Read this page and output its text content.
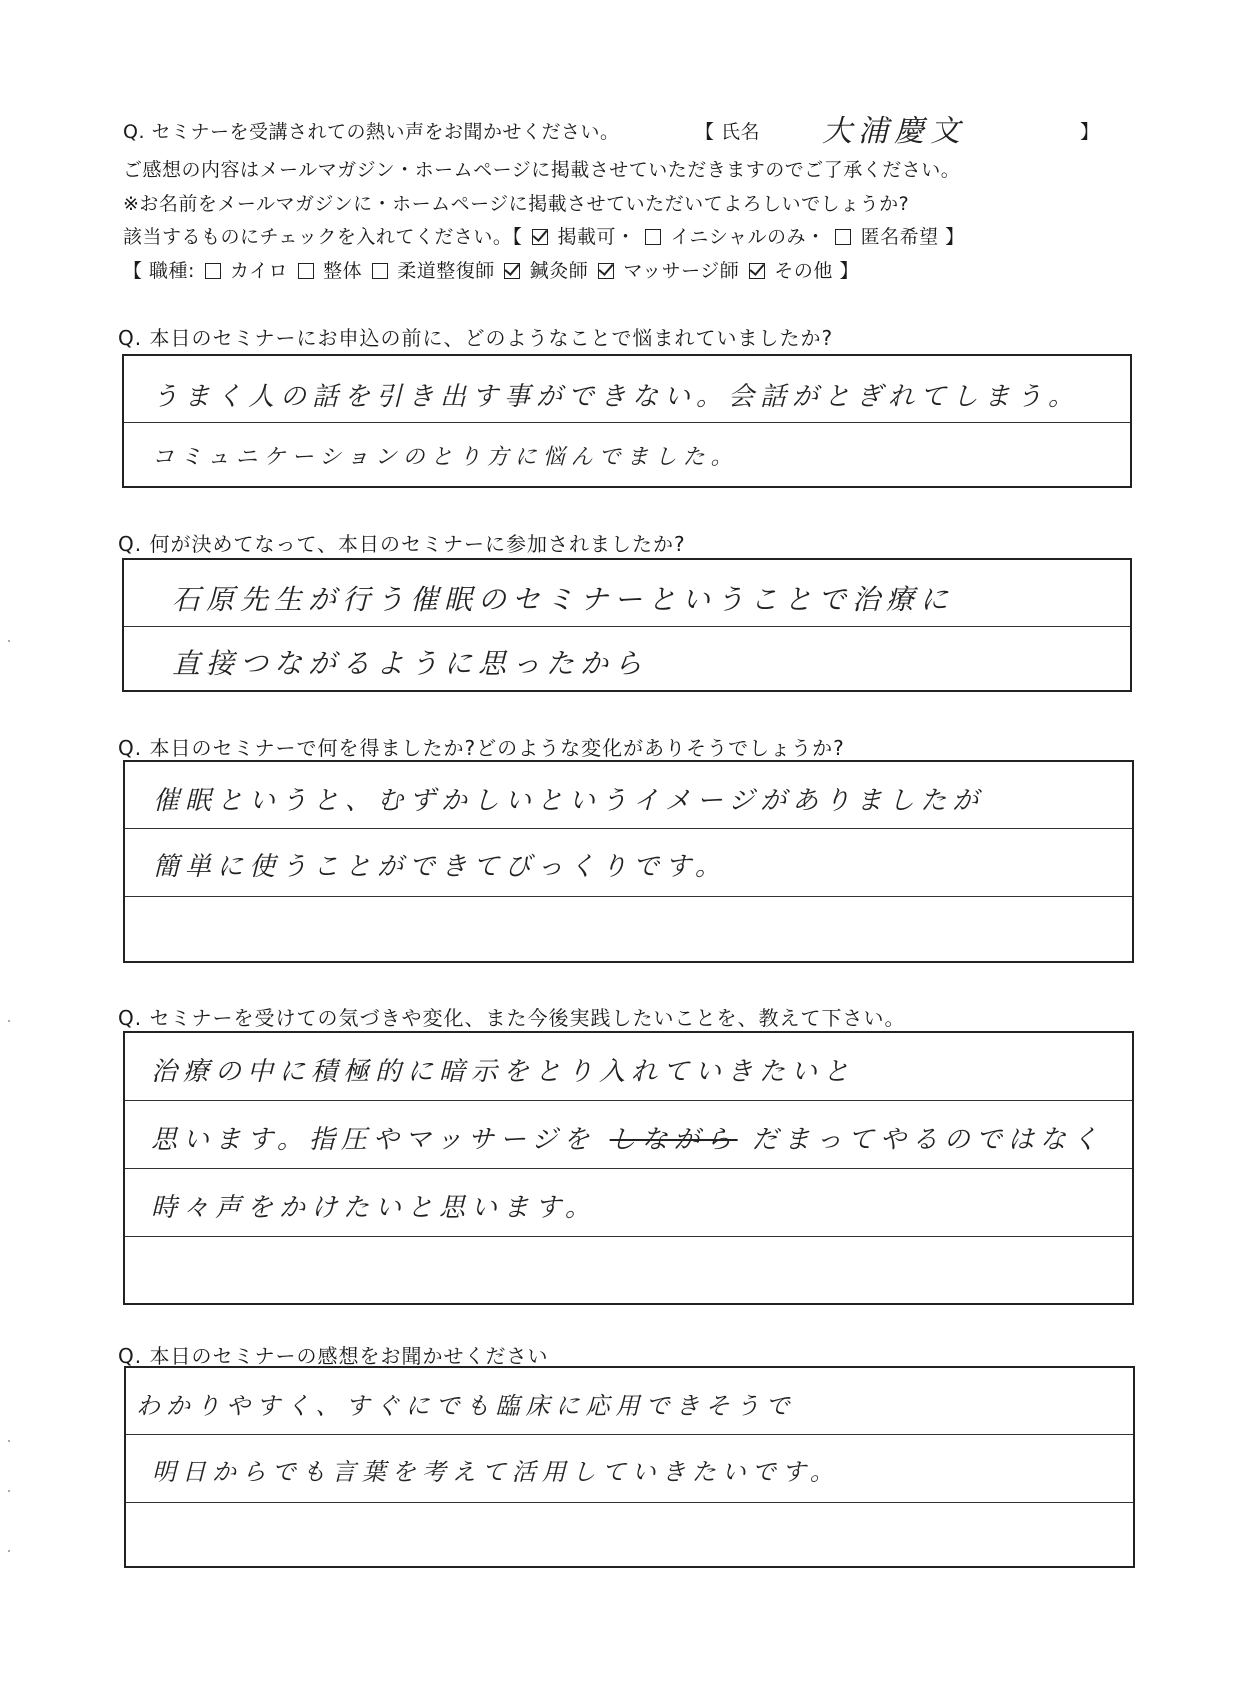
Q. セミナーを受講されての熱い声をお聞かせください。	【 氏名 大浦慶文	】
ご感想の内容はメールマガジン・ホームページに掲載させていただきますのでご了承ください。
※お名前をメールマガジンに・ホームページに掲載させていただいてよろしいでしょうか?
該当するものにチェックを入れてください。【 掲載可・ イニシャルのみ・ 匿名希望 】
【 職種: カイロ 整体 柔道整復師 鍼灸師 マッサージ師 その他 】
Q. 本日のセミナーにお申込の前に、どのようなことで悩まれていましたか?
うまく人の話を引き出す事ができない。会話がとぎれてしまう。
コミュニケーションのとり方に悩んでました。
Q. 何が決めてなって、本日のセミナーに参加されましたか?
石原先生が行う催眠のセミナーということで治療に
直接つながるように思ったから
Q. 本日のセミナーで何を得ましたか?どのような変化がありそうでしょうか?
催眠というと、むずかしいというイメージがありましたが
簡単に使うことができてびっくりです。
Q. セミナーを受けての気づきや変化、また今後実践したいことを、教えて下さい。
治療の中に積極的に暗示をとり入れていきたいと
思います。指圧やマッサージを しながら だまってやるのではなく
時々声をかけたいと思います。
Q. 本日のセミナーの感想をお聞かせください
わかりやすく、すぐにでも臨床に応用できそうで
明日からでも言葉を考えて活用していきたいです。
